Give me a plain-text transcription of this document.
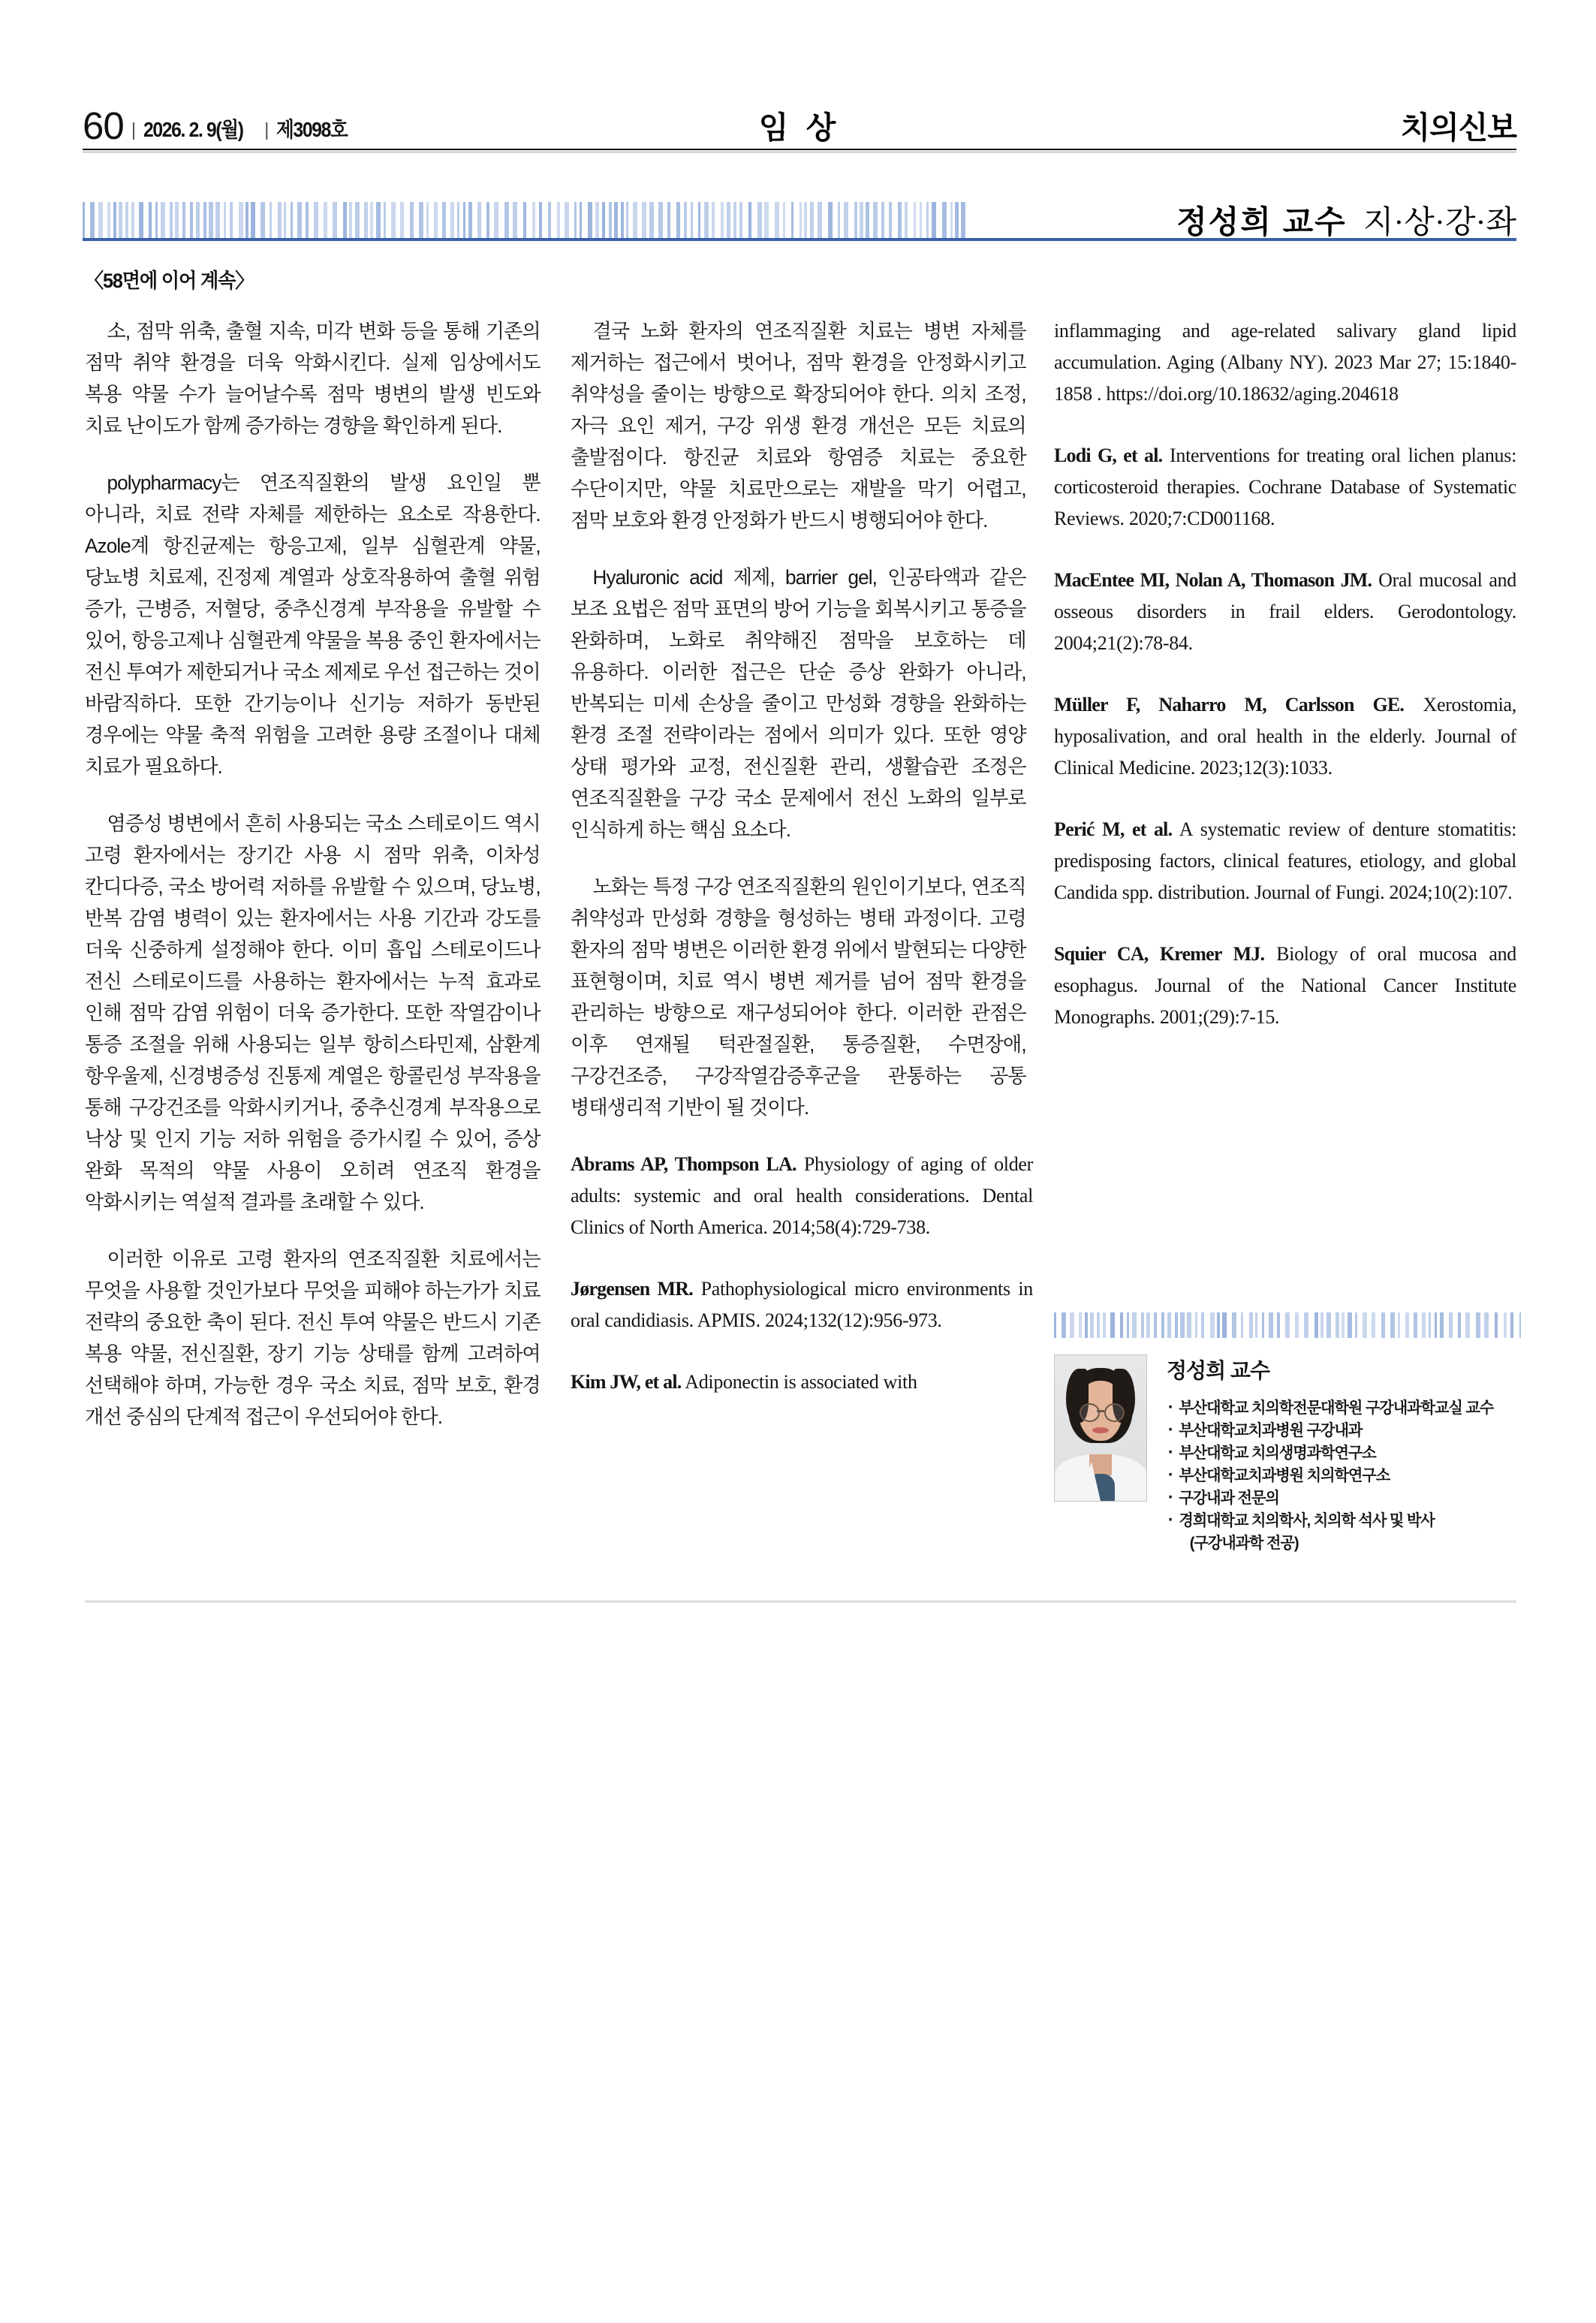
60 | 2026. 2. 9(월) | 제3098호	임 상	치의신보
정성희 교수 지·상·강·좌
〈58면에 이어 계속〉

소, 점막 위축, 출혈 지속, 미각 변화 등을 통해 기존의 점막 취약 환경을 더욱 악화시킨다. 실제 임상에서도 복용 약물 수가 늘어날수록 점막 병변의 발생 빈도와 치료 난이도가 함께 증가하는 경향을 확인하게 된다.

polypharmacy는 연조직질환의 발생 요인일 뿐 아니라, 치료 전략 자체를 제한하는 요소로 작용한다. Azole계 항진균제는 항응고제, 일부 심혈관계 약물, 당뇨병 치료제, 진정제 계열과 상호작용하여 출혈 위험 증가, 근병증, 저혈당, 중추신경계 부작용을 유발할 수 있어, 항응고제나 심혈관계 약물을 복용 중인 환자에서는 전신 투여가 제한되거나 국소 제제로 우선 접근하는 것이 바람직하다. 또한 간기능이나 신기능 저하가 동반된 경우에는 약물 축적 위험을 고려한 용량 조절이나 대체 치료가 필요하다.

염증성 병변에서 흔히 사용되는 국소 스테로이드 역시 고령 환자에서는 장기간 사용 시 점막 위축, 이차성 칸디다증, 국소 방어력 저하를 유발할 수 있으며, 당뇨병, 반복 감염 병력이 있는 환자에서는 사용 기간과 강도를 더욱 신중하게 설정해야 한다. 이미 흡입 스테로이드나 전신 스테로이드를 사용하는 환자에서는 누적 효과로 인해 점막 감염 위험이 더욱 증가한다. 또한 작열감이나 통증 조절을 위해 사용되는 일부 항히스타민제, 삼환계 항우울제, 신경병증성 진통제 계열은 항콜린성 부작용을 통해 구강건조를 악화시키거나, 중추신경계 부작용으로 낙상 및 인지 기능 저하 위험을 증가시킬 수 있어, 증상 완화 목적의 약물 사용이 오히려 연조직 환경을 악화시키는 역설적 결과를 초래할 수 있다.

이러한 이유로 고령 환자의 연조직질환 치료에서는 무엇을 사용할 것인가보다 무엇을 피해야 하는가가 치료 전략의 중요한 축이 된다. 전신 투여 약물은 반드시 기존 복용 약물, 전신질환, 장기 기능 상태를 함께 고려하여 선택해야 하며, 가능한 경우 국소 치료, 점막 보호, 환경 개선 중심의 단계적 접근이 우선되어야 한다.

결국 노화 환자의 연조직질환 치료는 병변 자체를 제거하는 접근에서 벗어나, 점막 환경을 안정화시키고 취약성을 줄이는 방향으로 확장되어야 한다. 의치 조정, 자극 요인 제거, 구강 위생 환경 개선은 모든 치료의 출발점이다. 항진균 치료와 항염증 치료는 중요한 수단이지만, 약물 치료만으로는 재발을 막기 어렵고, 점막 보호와 환경 안정화가 반드시 병행되어야 한다.

Hyaluronic acid 제제, barrier gel, 인공타액과 같은 보조 요법은 점막 표면의 방어 기능을 회복시키고 통증을 완화하며, 노화로 취약해진 점막을 보호하는 데 유용하다. 이러한 접근은 단순 증상 완화가 아니라, 반복되는 미세 손상을 줄이고 만성화 경향을 완화하는 환경 조절 전략이라는 점에서 의미가 있다. 또한 영양 상태 평가와 교정, 전신질환 관리, 생활습관 조정은 연조직질환을 구강 국소 문제에서 전신 노화의 일부로 인식하게 하는 핵심 요소다.

노화는 특정 구강 연조직질환의 원인이기보다, 연조직 취약성과 만성화 경향을 형성하는 병태 과정이다. 고령 환자의 점막 병변은 이러한 환경 위에서 발현되는 다양한 표현형이며, 치료 역시 병변 제거를 넘어 점막 환경을 관리하는 방향으로 재구성되어야 한다. 이러한 관점은 이후 연재될 턱관절질환, 통증질환, 수면장애, 구강건조증, 구강작열감증후군을 관통하는 공통 병태생리적 기반이 될 것이다.

Abrams AP, Thompson LA. Physiology of aging of older adults: systemic and oral health considerations. Dental Clinics of North America. 2014;58(4):729-738.

Jørgensen MR. Pathophysiological micro environments in oral candidiasis. APMIS. 2024;132(12):956-973.

Kim JW, et al. Adiponectin is associated with

inflammaging and age-related salivary gland lipid accumulation. Aging (Albany NY). 2023 Mar 27; 15:1840-1858 . https://doi.org/10.18632/aging.204618

Lodi G, et al. Interventions for treating oral lichen planus: corticosteroid therapies. Cochrane Database of Systematic Reviews. 2020;7:CD001168.

MacEntee MI, Nolan A, Thomason JM. Oral mucosal and osseous disorders in frail elders. Gerodontology. 2004;21(2):78-84.

Müller F, Naharro M, Carlsson GE. Xerostomia, hyposalivation, and oral health in the elderly. Journal of Clinical Medicine. 2023;12(3):1033.

Perić M, et al. A systematic review of denture stomatitis: predisposing factors, clinical features, etiology, and global Candida spp. distribution. Journal of Fungi. 2024;10(2):107.

Squier CA, Kremer MJ. Biology of oral mucosa and esophagus. Journal of the National Cancer Institute Monographs. 2001;(29):7-15.

정성희 교수
· 부산대학교 치의학전문대학원 구강내과학교실 교수
· 부산대학교치과병원 구강내과
· 부산대학교 치의생명과학연구소
· 부산대학교치과병원 치의학연구소
· 구강내과 전문의
· 경희대학교 치의학사, 치의학 석사 및 박사
(구강내과학 전공)
